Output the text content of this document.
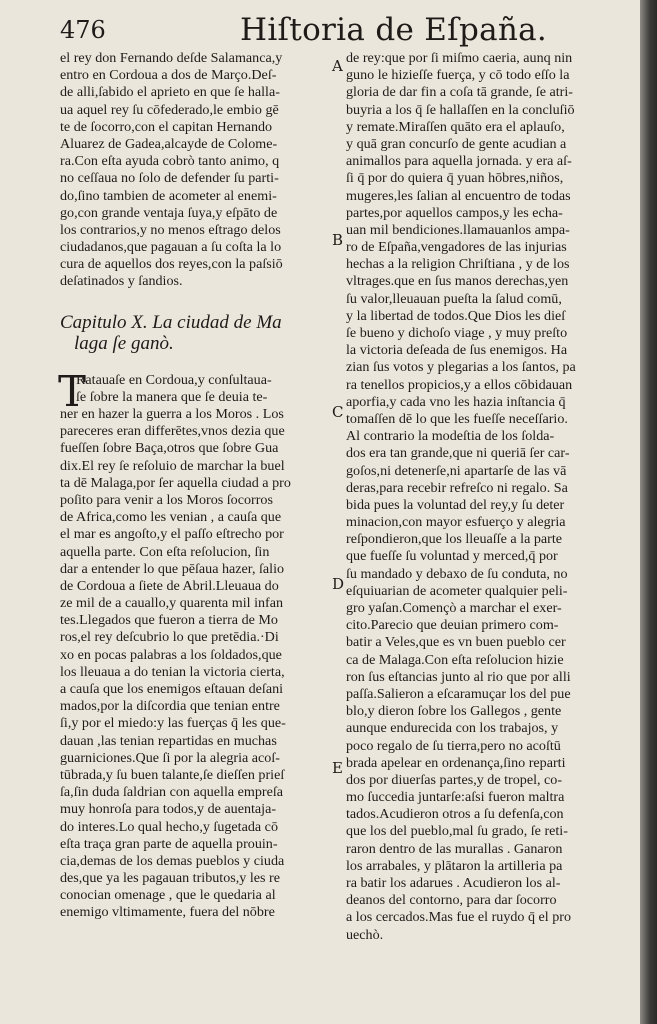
476	Hiſtoria de Eſpaña.
el rey don Fernando deſde Salamanca,y
entro en Cordoua a dos de Março.Deſ-
de alli,ſabido el aprieto en que ſe halla-
ua aquel rey ſu cōfederado,le embio gē
te de ſocorro,con el capitan Hernando
Aluarez de Gadea,alcayde de Colome-
ra.Con eſta ayuda cobrò tanto animo, q
no ceſſaua no ſolo de defender ſu parti-
do,ſino tambien de acometer al enemi-
go,con grande ventaja ſuya,y eſpāto de
los contrarios,y no menos eſtrago delos
ciudadanos,que pagauan a ſu coſta la lo
cura de aquellos dos reyes,con la paſsiō
deſatinados y ſandios.
Capitulo X. La ciudad de Ma
laga ſe ganò.
T
Ratauaſe en Cordoua,y conſultaua-
ſe ſobre la manera que ſe deuia te-
ner en hazer la guerra a los Moros . Los
pareceres eran differētes,vnos dezia que
fueſſen ſobre Baça,otros que ſobre Gua
dix.El rey ſe reſoluio de marchar la buel
ta dē Malaga,por ſer aquella ciudad a pro
poſito para venir a los Moros ſocorros
de Africa,como les venian , a cauſa que
el mar es angoſto,y el paſſo eſtrecho por
aquella parte. Con eſta reſolucion, ſin
dar a entender lo que pēſaua hazer, ſalio
de Cordoua a ſiete de Abril.Lleuaua do
ze mil de a cauallo,y quarenta mil infan
tes.Llegados que fueron a tierra de Mo
ros,el rey deſcubrio lo que pretēdia.·Di
xo en pocas palabras a los ſoldados,que
los lleuaua a do tenian la victoria cierta,
a cauſa que los enemigos eſtauan deſani
mados,por la diſcordia que tenian entre
ſi,y por el miedo:y las fuerças q̄ les que-
dauan ,las tenian repartidas en muchas
guarniciones.Que ſi por la alegria acoſ-
tūbrada,y ſu buen talante,ſe dieſſen prieſ
ſa,ſin duda ſaldrian con aquella empreſa
muy honroſa para todos,y de auentaja-
do interes.Lo qual hecho,y ſugetada cō
eſta traça gran parte de aquella prouin-
cia,demas de los demas pueblos y ciuda
des,que ya les pagauan tributos,y les re
conocian omenage , que le quedaria al
enemigo vltimamente, fuera del nōbre
de rey:que por ſi miſmo caeria, aunq nin
guno le hizieſſe fuerça, y cō todo eſſo la
gloria de dar fin a coſa tā grande, ſe atri-
buyria a los q̄ ſe hallaſſen en la concluſiō
y remate.Miraſſen quāto era el aplauſo,
y quā gran concurſo de gente acudian a
animallos para aquella jornada. y era aſ-
ſi q̄ por do quiera q̄ yuan hōbres,niños,
mugeres,les ſalian al encuentro de todas
partes,por aquellos campos,y les echa-
uan mil bendiciones.llamauanlos ampa-
ro de Eſpaña,vengadores de las injurias
hechas a la religion Chriſtiana , y de los
vltrages.que en ſus manos derechas,yen
ſu valor,lleuauan pueſta la ſalud comū,
y la libertad de todos.Que Dios les dieſ
ſe bueno y dichoſo viage , y muy preſto
la victoria deſeada de ſus enemigos. Ha
zian ſus votos y plegarias a los ſantos, pa
ra tenellos propicios,y a ellos cōbidauan
aporfia,y cada vno les hazia inſtancia q̄
tomaſſen dē lo que les fueſſe neceſſario.
Al contrario la modeſtia de los ſolda-
dos era tan grande,que ni queriā ſer car-
goſos,ni detenerſe,ni apartarſe de las vā
deras,para recebir refreſco ni regalo. Sa
bida pues la voluntad del rey,y ſu deter
minacion,con mayor esfuerço y alegria
reſpondieron,que los lleuaſſe a la parte
que fueſſe ſu voluntad y merced,q̄ por
ſu mandado y debaxo de ſu conduta, no
eſquiuarian de acometer qualquier peli-
gro yaſan.Començò a marchar el exer-
cito.Parecio que deuian primero com-
batir a Veles,que es vn buen pueblo cer
ca de Malaga.Con eſta reſolucion hizie
ron ſus eſtancias junto al rio que por alli
paſſa.Salieron a eſcaramuçar los del pue
blo,y dieron ſobre los Gallegos , gente
aunque endurecida con los trabajos, y
poco regalo de ſu tierra,pero no acoſtū
brada apelear en ordenança,ſino reparti
dos por diuerſas partes,y de tropel, co-
mo ſuccedia juntarſe:aſsi fueron maltra
tados.Acudieron otros a ſu defenſa,con
que los del pueblo,mal ſu grado, ſe reti-
raron dentro de las murallas . Ganaron
los arrabales, y plātaron la artilleria pa
ra batir los adarues . Acudieron los al-
deanos del contorno, para dar ſocorro
a los cercados.Mas fue el ruydo q̄ el pro
uechò.
A
B
C
D
E
